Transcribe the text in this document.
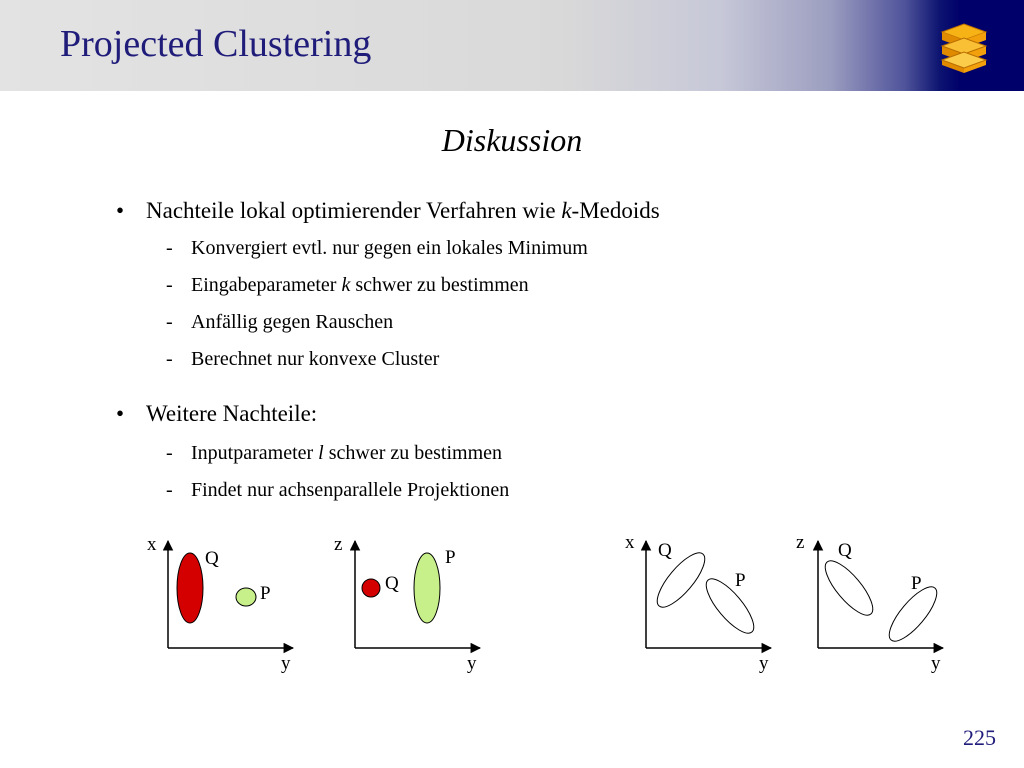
Projected Clustering
Diskussion
• Nachteile lokal optimierender Verfahren wie k-Medoids
- Konvergiert evtl. nur gegen ein lokales Minimum
- Eingabeparameter k schwer zu bestimmen
- Anfällig gegen Rauschen
- Berechnet nur konvexe Cluster
• Weitere Nachteile:
- Inputparameter l schwer zu bestimmen
- Findet nur achsenparallele Projektionen
x
y
Q
P
z
y
P
Q
x
y
Q
P
z
y
Q
P
225
